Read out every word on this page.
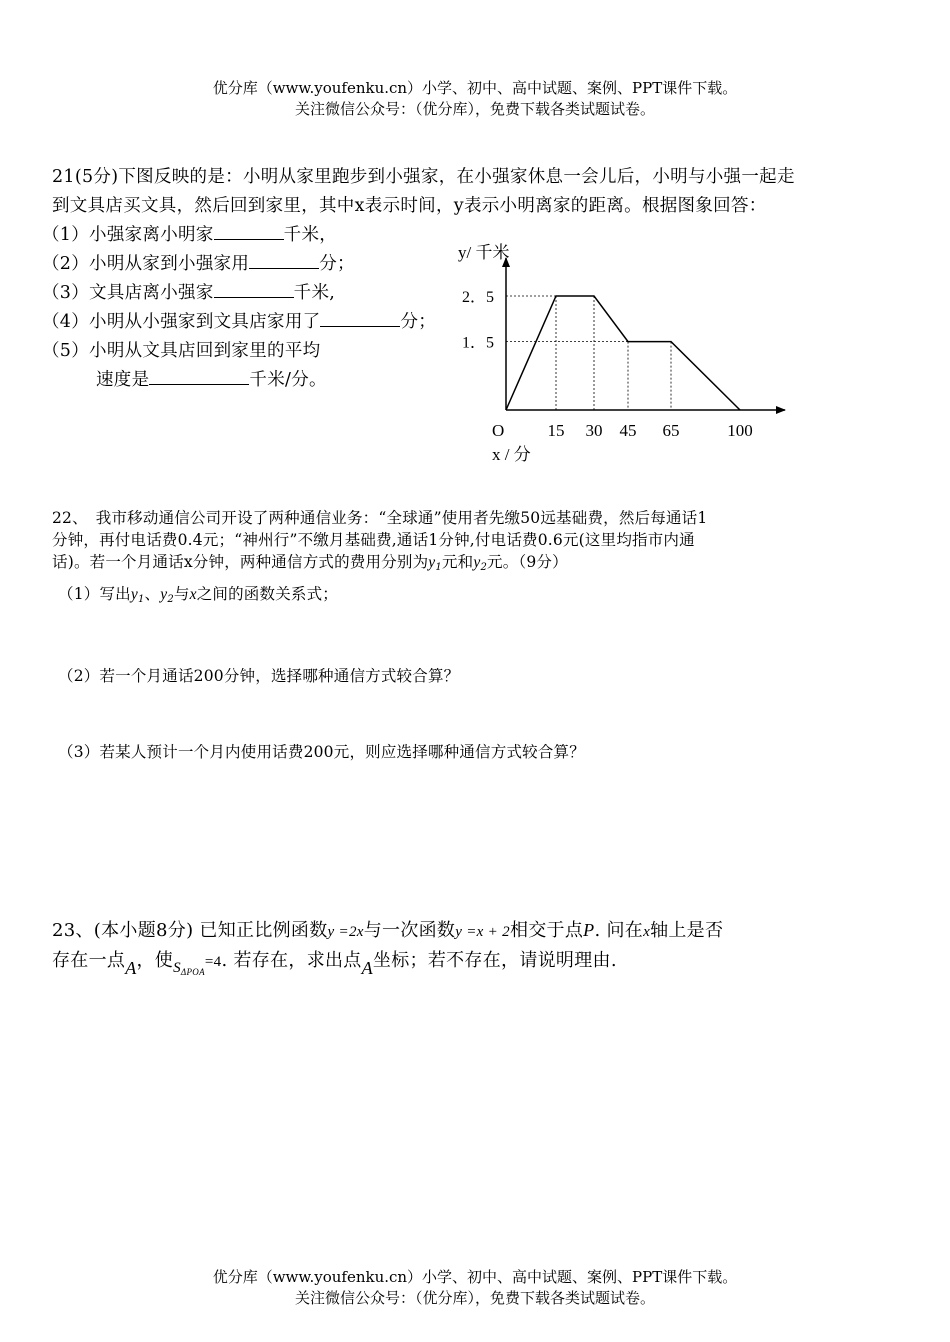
优分库（www.youfenku.cn）小学、初中、高中试题、案例、PPT课件下载。
关注微信公众号：（优分库），免费下载各类试题试卷。
21(5分)下图反映的是：小明从家里跑步到小强家，在小强家休息一会儿后，小明与小强一起走
到文具店买文具，然后回到家里，其中x表示时间，y表示小明离家的距离。根据图象回答：
（1）小强家离小明家	千米，
（2）小明从家到小强家用	分；
（3）文具店离小强家	千米,
（4）小明从小强家到文具店家用了	分；
（5）小明从文具店回到家里的平均
速度是	千米/分。
y/ 千米
x / 分
O	15 30 45 65	100
2．5
1．5
22、　我市移动通信公司开设了两种通信业务：“全球通”使用者先缴50远基础费，然后每通话1
分钟，再付电话费0.4元；“神州行”不缴月基础费,通话1分钟,付电话费0.6元(这里均指市内通
话)。若一个月通话x分钟，两种通信方式的费用分别为$y_1$元和$y_2$元。（9分）
（1）写出$y_1$、$y_2$与x之间的函数关系式；
（2）若一个月通话200分钟，选择哪种通信方式较合算？
（3）若某人预计一个月内使用话费200元，则应选择哪种通信方式较合算？
23、(本小题8分) 已知正比例函数y =2x与一次函数y =x + 2相交于点P. 问在x轴上是否
存在一点A，使$_{S\Delta POA}$=4. 若存在，求出点A坐标；若不存在，请说明理由.
优分库（www.youfenku.cn）小学、初中、高中试题、案例、PPT课件下载。
关注微信公众号：（优分库），免费下载各类试题试卷。
